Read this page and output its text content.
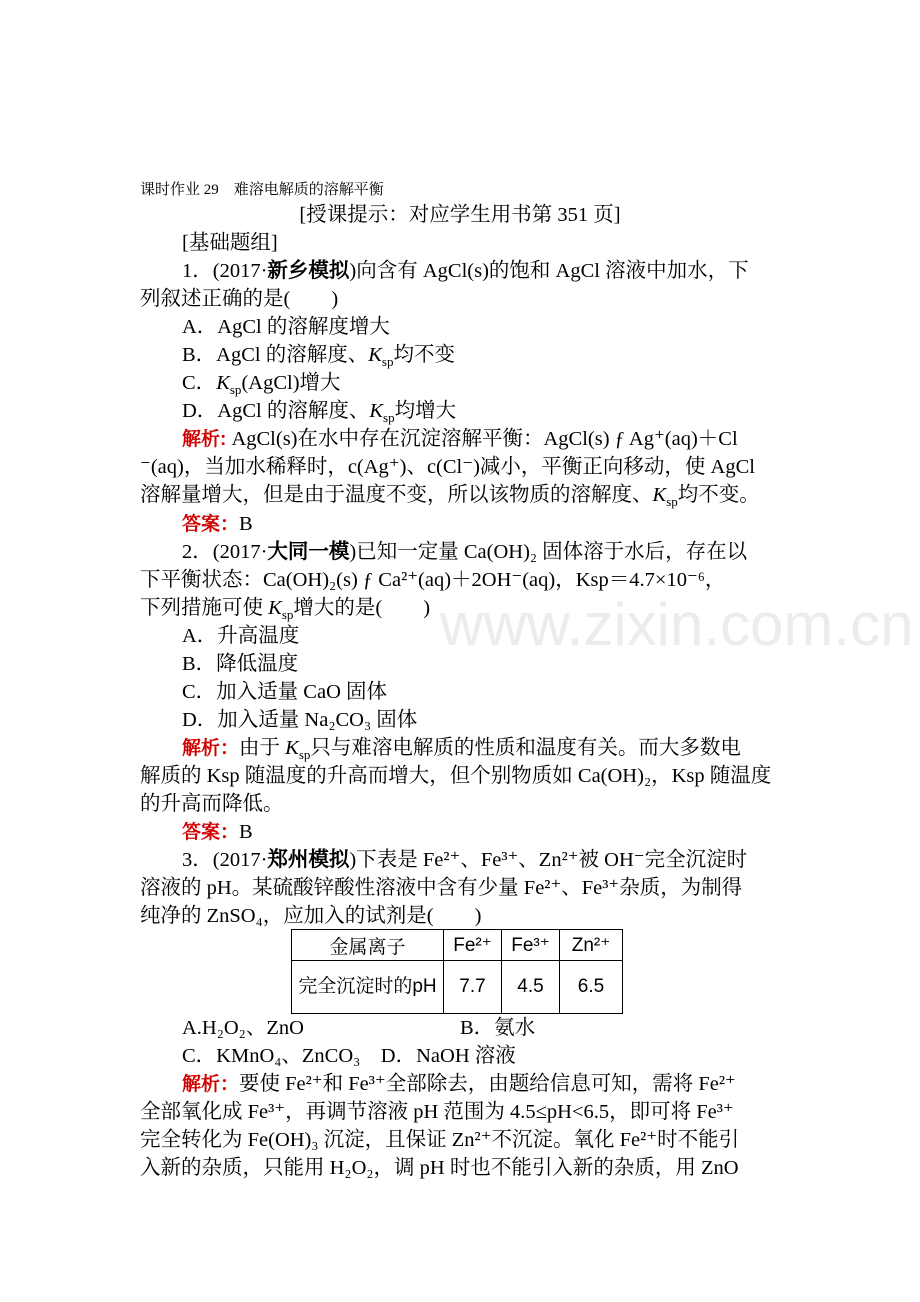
www.zixin.com.cn
课时作业 29　难溶电解质的溶解平衡
[授课提示：对应学生用书第 351 页]
[基础题组]
1．(2017·新乡模拟)向含有 AgCl(s)的饱和 AgCl 溶液中加水，下
列叙述正确的是(　　)
A．AgCl 的溶解度增大
B．AgCl 的溶解度、$K_{sp}$均不变
C．$K_{sp}(AgCl)$增大
D．AgCl 的溶解度、$K_{sp}$均增大
解析: AgCl(s)在水中存在沉淀溶解平衡：AgCl(s) ƒ Ag⁺(aq)＋Cl
⁻(aq)，当加水稀释时，c(Ag⁺)、c(Cl⁻)减小，平衡正向移动，使 AgCl
溶解量增大，但是由于温度不变，所以该物质的溶解度、$K_{sp}$均不变。
答案：B
2．(2017·大同一模)已知一定量 Ca(OH)₂ 固体溶于水后，存在以
下平衡状态：Ca(OH)₂(s) ƒ Ca²⁺(aq)＋2OH⁻(aq)，Ksp＝4.7×10⁻⁶，
下列措施可使 $K_{sp}$增大的是(　　)
A．升高温度
B．降低温度
C．加入适量 CaO 固体
D．加入适量 Na₂CO₃ 固体
解析：由于 $K_{sp}$只与难溶电解质的性质和温度有关。而大多数电
解质的 Ksp 随温度的升高而增大，但个别物质如 Ca(OH)₂，Ksp 随温度
的升高而降低。
答案：B
3．(2017·郑州模拟)下表是 Fe²⁺、Fe³⁺、Zn²⁺被 OH⁻完全沉淀时
溶液的 pH。某硫酸锌酸性溶液中含有少量 Fe²⁺、Fe³⁺杂质，为制得
纯净的 ZnSO₄，应加入的试剂是(　　)
金属离子	Fe²⁺	Fe³⁺	Zn²⁺
完全沉淀时的pH	7.7	4.5	6.5
A.H₂O₂、ZnO	B．氨水
C．KMnO₄、ZnCO₃　D．NaOH 溶液
解析：要使 Fe²⁺和 Fe³⁺全部除去，由题给信息可知，需将 Fe²⁺
全部氧化成 Fe³⁺，再调节溶液 pH 范围为 4.5≤pH<6.5，即可将 Fe³⁺
完全转化为 Fe(OH)₃ 沉淀，且保证 Zn²⁺不沉淀。氧化 Fe²⁺时不能引
入新的杂质，只能用 H₂O₂，调 pH 时也不能引入新的杂质，用 ZnO
